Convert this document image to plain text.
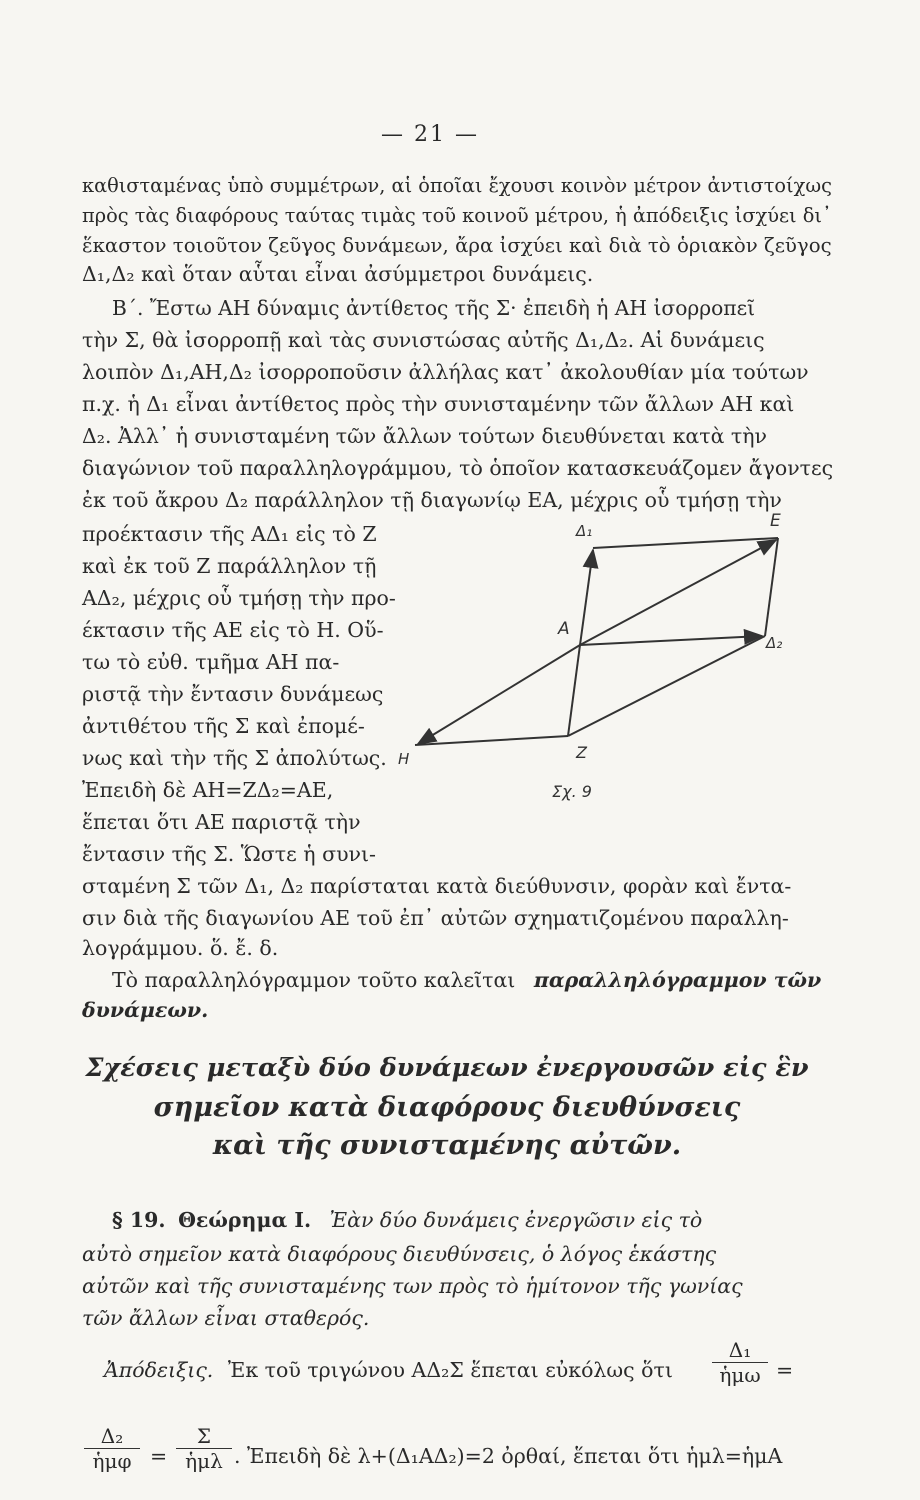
— 21 —
καθισταμένας ὑπὸ συμμέτρων, αἱ ὁποῖαι ἔχουσι κοινὸν μέτρον ἀντιστοίχως
πρὸς τὰς διαφόρους ταύτας τιμὰς τοῦ κοινοῦ μέτρου, ἡ ἀπόδειξις ἰσχύει δι᾽
ἕκαστον τοιοῦτον ζεῦγος δυνάμεων, ἄρα ἰσχύει καὶ διὰ τὸ ὁριακὸν ζεῦγος
Δ₁,Δ₂ καὶ ὅταν αὗται εἶναι ἀσύμμετροι δυνάμεις.
Β΄. Ἔστω ΑΗ δύναμις ἀντίθετος τῆς Σ· ἐπειδὴ ἡ ΑΗ ἰσορροπεῖ
τὴν Σ, θὰ ἰσορροπῇ καὶ τὰς συνιστώσας αὐτῆς Δ₁,Δ₂. Αἱ δυνάμεις
λοιπὸν Δ₁,ΑΗ,Δ₂ ἰσορροποῦσιν ἀλλήλας κατ᾽ ἀκολουθίαν μία τούτων
π.χ. ἡ Δ₁ εἶναι ἀντίθετος πρὸς τὴν συνισταμένην τῶν ἄλλων ΑΗ καὶ
Δ₂. Ἀλλ᾽ ἡ συνισταμένη τῶν ἄλλων τούτων διευθύνεται κατὰ τὴν
διαγώνιον τοῦ παραλληλογράμμου, τὸ ὁποῖον κατασκευάζομεν ἄγοντες
ἐκ τοῦ ἄκρου Δ₂ παράλληλον τῇ διαγωνίῳ ΕΑ, μέχρις οὗ τμήσῃ τὴν
προέκτασιν τῆς ΑΔ₁ εἰς τὸ Ζ
καὶ ἐκ τοῦ Ζ παράλληλον τῇ
ΑΔ₂, μέχρις οὗ τμήσῃ τὴν προ-
έκτασιν τῆς ΑΕ εἰς τὸ Η. Οὕ-
τω τὸ εὐθ. τμῆμα ΑΗ πα-
ριστᾷ τὴν ἔντασιν δυνάμεως
ἀντιθέτου τῆς Σ καὶ ἐπομέ-
νως καὶ τὴν τῆς Σ ἀπολύτως.
Ἐπειδὴ δὲ ΑΗ=ΖΔ₂=ΑΕ,
ἕπεται ὅτι ΑΕ παριστᾷ τὴν
ἔντασιν τῆς Σ. Ὥστε ἡ συνι-
Δ₁	E
A
Δ₂
H	Z
Σχ. 9
σταμένη Σ τῶν Δ₁, Δ₂ παρίσταται κατὰ διεύθυνσιν, φορὰν καὶ ἔντα-
σιν διὰ τῆς διαγωνίου ΑΕ τοῦ ἐπ᾽ αὐτῶν σχηματιζομένου παραλλη-
λογράμμου. ὅ. ἔ. δ.
Τὸ παραλληλόγραμμον τοῦτο καλεῖται παραλληλόγραμμον τῶν
δυνάμεων.
Σχέσεις μεταξὺ δύο δυνάμεων ἐνεργουσῶν εἰς ἓν
σημεῖον κατὰ διαφόρους διευθύνσεις
καὶ τῆς συνισταμένης αὐτῶν.
§ 19. Θεώρημα Ι. Ἐὰν δύο δυνάμεις ἐνεργῶσιν εἰς τὸ
αὐτὸ σημεῖον κατὰ διαφόρους διευθύνσεις, ὁ λόγος ἑκάστης
αὐτῶν καὶ τῆς συνισταμένης των πρὸς τὸ ἡμίτονον τῆς γωνίας
τῶν ἄλλων εἶναι σταθερός.
Ἀπόδειξις. Ἐκ τοῦ τριγώνου ΑΔ₂Σ ἕπεται εὐκόλως ὅτι
Δ₁
ἡμω =
Δ₂
ἡμφ =
Σ
ἡμλ . Ἐπειδὴ δὲ λ+(Δ₁ΑΔ₂)=2 ὀρθαί, ἕπεται ὅτι ἡμλ=ἡμΑ
